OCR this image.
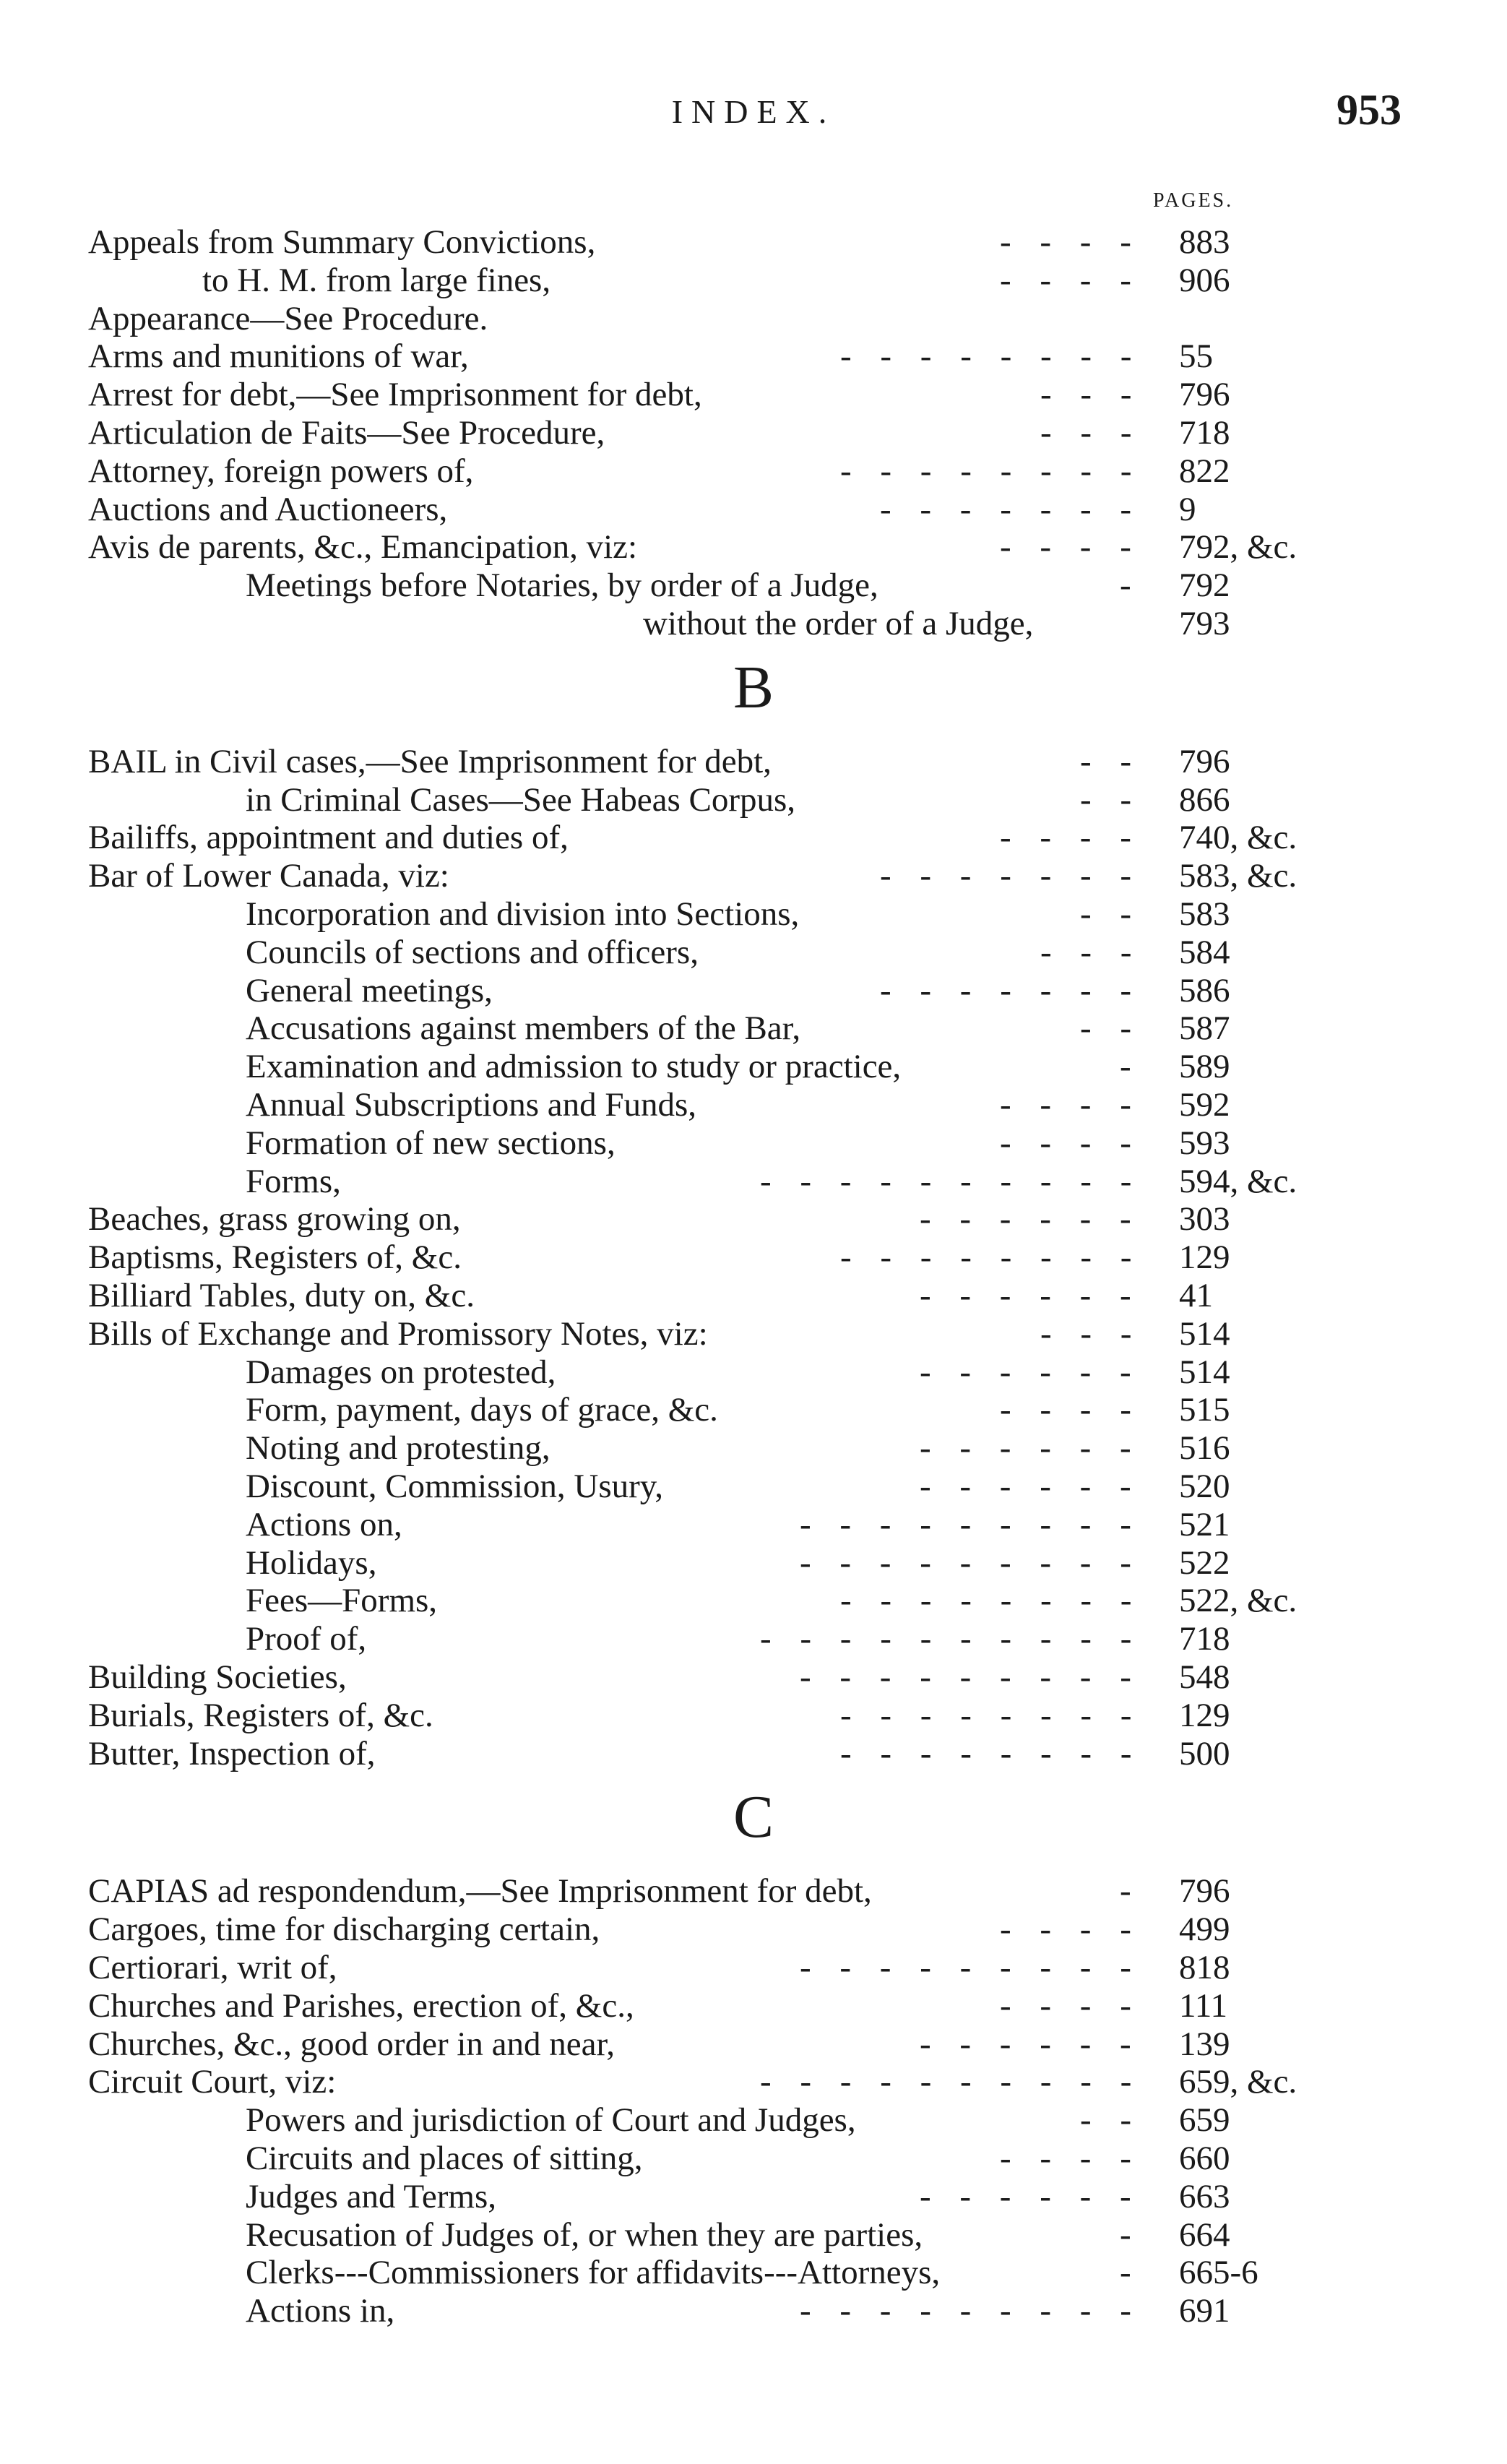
INDEX.	953
PAGES.
Appeals from Summary Convictions,	- - - - 883
to H. M. from large fines,	- - - - 906
Appearance—See Procedure.
Arms and munitions of war,	- - - - - - - - 55
Arrest for debt,—See Imprisonment for debt,	- - - 796
Articulation de Faits—See Procedure,	- - - 718
Attorney, foreign powers of,	- - - - - - - - 822
Auctions and Auctioneers,	- - - - - - - 9
Avis de parents, &c., Emancipation, viz:	- - - - 792, &c.
Meetings before Notaries, by order of a Judge,	- 792
without the order of a Judge,	793
B
BAIL in Civil cases,—See Imprisonment for debt,	- - 796
in Criminal Cases—See Habeas Corpus,	- - 866
Bailiffs, appointment and duties of,	- - - - 740, &c.
Bar of Lower Canada, viz:	- - - - - - - 583, &c.
Incorporation and division into Sections,	- - 583
Councils of sections and officers,	- - - 584
General meetings,	- - - - - - - 586
Accusations against members of the Bar,	- - 587
Examination and admission to study or practice,	- 589
Annual Subscriptions and Funds,	- - - - 592
Formation of new sections,	- - - - 593
Forms,	- - - - - - - - - - 594, &c.
Beaches, grass growing on,	- - - - - - 303
Baptisms, Registers of, &c.	- - - - - - - - 129
Billiard Tables, duty on, &c.	- - - - - - 41
Bills of Exchange and Promissory Notes, viz:	- - - 514
Damages on protested,	- - - - - - 514
Form, payment, days of grace, &c.	- - - - 515
Noting and protesting,	- - - - - - 516
Discount, Commission, Usury,	- - - - - - 520
Actions on,	- - - - - - - - - 521
Holidays,	- - - - - - - - - 522
Fees—Forms,	- - - - - - - - 522, &c.
Proof of,	- - - - - - - - - - 718
Building Societies,	- - - - - - - - - 548
Burials, Registers of, &c.	- - - - - - - - 129
Butter, Inspection of,	- - - - - - - - 500
C
CAPIAS ad respondendum,—See Imprisonment for debt,	- 796
Cargoes, time for discharging certain,	- - - - 499
Certiorari, writ of,	- - - - - - - - - 818
Churches and Parishes, erection of, &c.,	- - - - 111
Churches, &c., good order in and near,	- - - - - - 139
Circuit Court, viz:	- - - - - - - - - - 659, &c.
Powers and jurisdiction of Court and Judges,	- - 659
Circuits and places of sitting,	- - - - 660
Judges and Terms,	- - - - - - 663
Recusation of Judges of, or when they are parties,	- 664
Clerks---Commissioners for affidavits---Attorneys,	- 665-6
Actions in,	- - - - - - - - - 691
